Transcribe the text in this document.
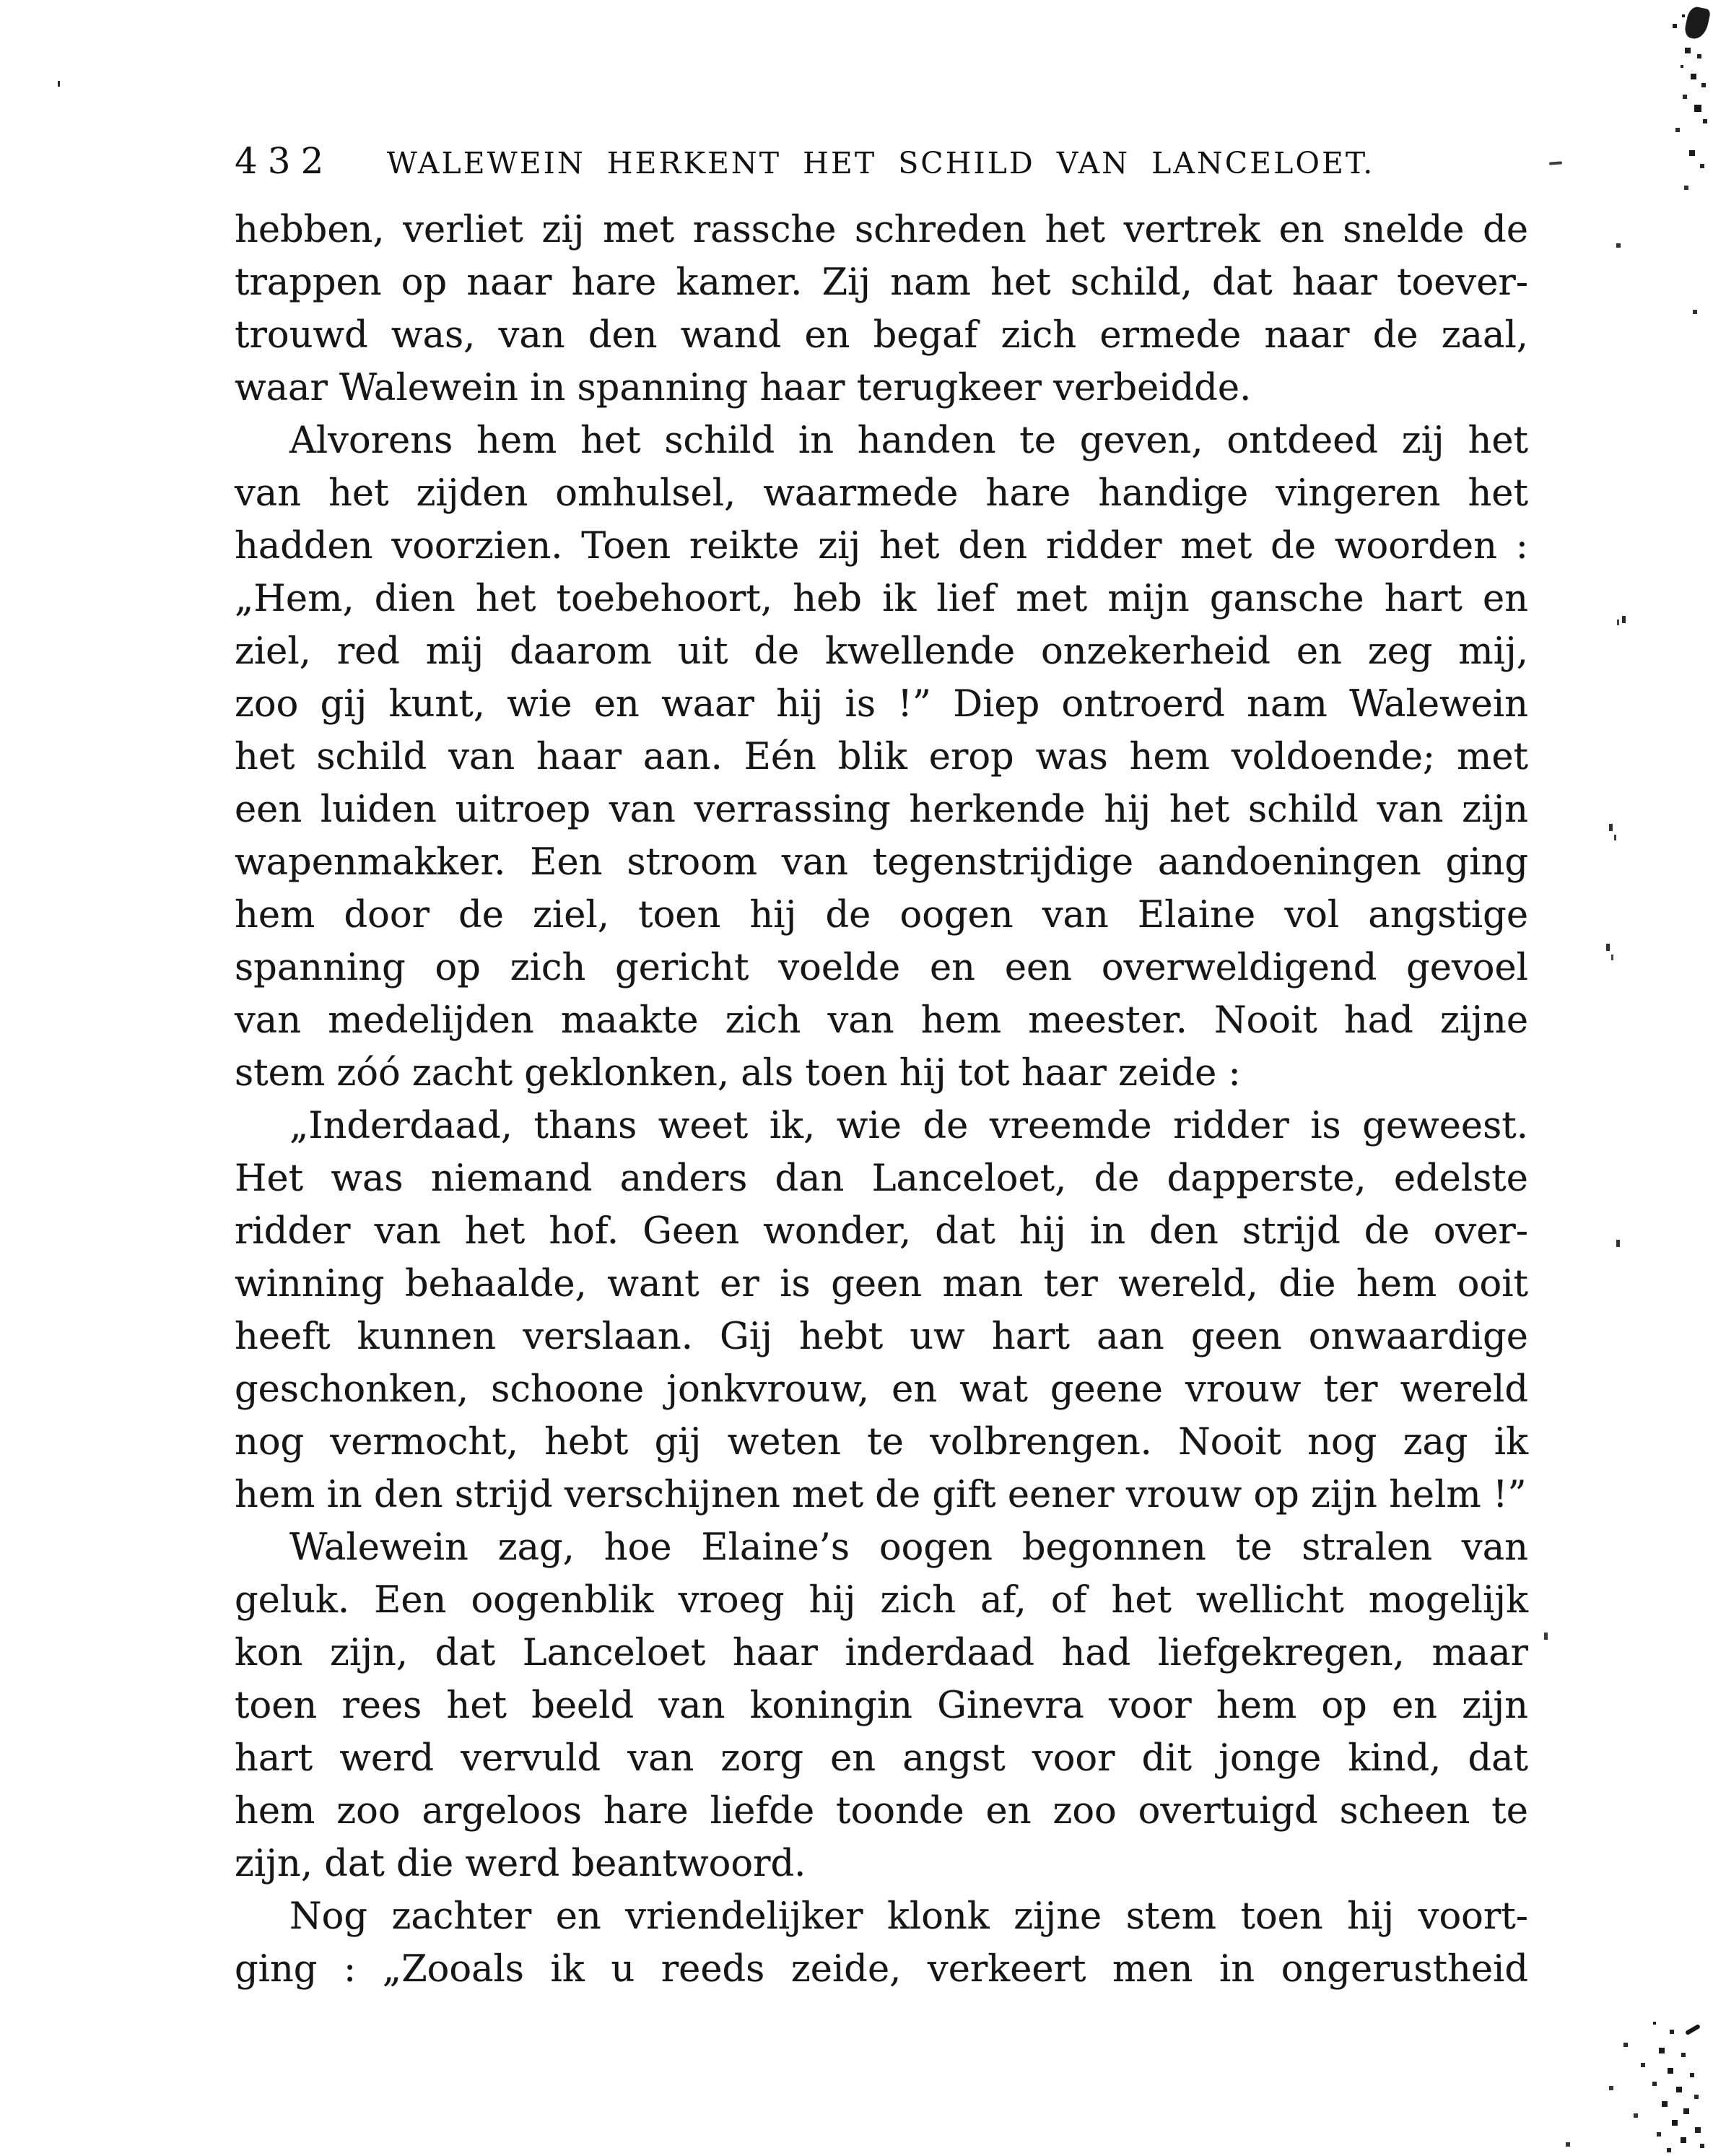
432	WALEWEIN HERKENT HET SCHILD VAN LANCELOET.
hebben, verliet zij met rassche schreden het vertrek en snelde de
trappen op naar hare kamer. Zij nam het schild, dat haar toever-
trouwd was, van den wand en begaf zich ermede naar de zaal,
waar Walewein in spanning haar terugkeer verbeidde.
Alvorens hem het schild in handen te geven, ontdeed zij het
van het zijden omhulsel, waarmede hare handige vingeren het
hadden voorzien. Toen reikte zij het den ridder met de woorden :
„Hem, dien het toebehoort, heb ik lief met mijn gansche hart en
ziel, red mij daarom uit de kwellende onzekerheid en zeg mij,
zoo gij kunt, wie en waar hij is !” Diep ontroerd nam Walewein
het schild van haar aan. Eén blik erop was hem voldoende; met
een luiden uitroep van verrassing herkende hij het schild van zijn
wapenmakker. Een stroom van tegenstrijdige aandoeningen ging
hem door de ziel, toen hij de oogen van Elaine vol angstige
spanning op zich gericht voelde en een overweldigend gevoel
van medelijden maakte zich van hem meester. Nooit had zijne
stem zóó zacht geklonken, als toen hij tot haar zeide :
„Inderdaad, thans weet ik, wie de vreemde ridder is geweest.
Het was niemand anders dan Lanceloet, de dapperste, edelste
ridder van het hof. Geen wonder, dat hij in den strijd de over-
winning behaalde, want er is geen man ter wereld, die hem ooit
heeft kunnen verslaan. Gij hebt uw hart aan geen onwaardige
geschonken, schoone jonkvrouw, en wat geene vrouw ter wereld
nog vermocht, hebt gij weten te volbrengen. Nooit nog zag ik
hem in den strijd verschijnen met de gift eener vrouw op zijn helm !”
Walewein zag, hoe Elaine’s oogen begonnen te stralen van
geluk. Een oogenblik vroeg hij zich af, of het wellicht mogelijk
kon zijn, dat Lanceloet haar inderdaad had liefgekregen, maar
toen rees het beeld van koningin Ginevra voor hem op en zijn
hart werd vervuld van zorg en angst voor dit jonge kind, dat
hem zoo argeloos hare liefde toonde en zoo overtuigd scheen te
zijn, dat die werd beantwoord.
Nog zachter en vriendelijker klonk zijne stem toen hij voort-
ging : „Zooals ik u reeds zeide, verkeert men in ongerustheid
